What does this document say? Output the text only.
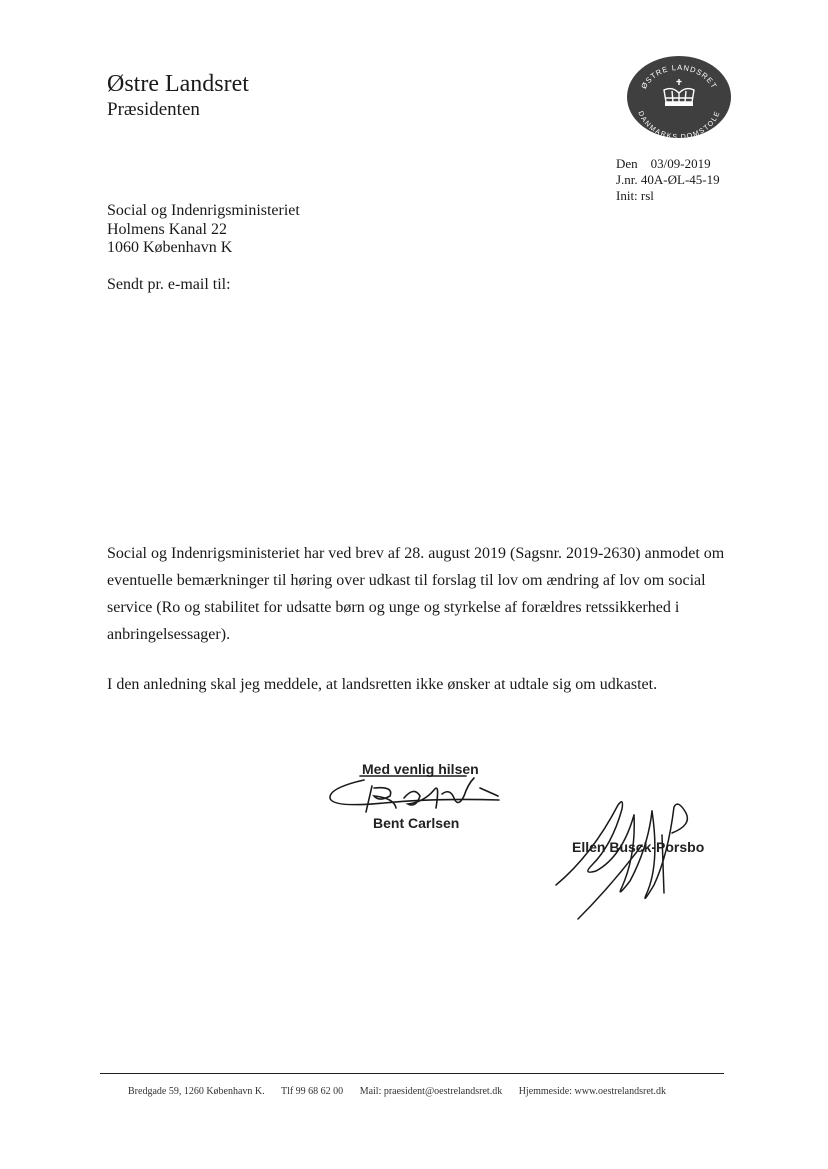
Østre Landsret
Præsidenten
ØSTRE LANDSRET
DANMARKS DOMSTOLE
Den 03/09-2019
J.nr. 40A-ØL-45-19
Init: rsl
Social og Indenrigsministeriet
Holmens Kanal 22
1060 København K
Sendt pr. e-mail til:

Social og Indenrigsministeriet har ved brev af 28. august 2019 (Sagsnr. 2019-2630) anmodet om eventuelle bemærkninger til høring over udkast til forslag til lov om ændring af lov om social service (Ro og stabilitet for udsatte børn og unge og styrkelse af forældres retssikkerhed i anbringelsessager).

I den anledning skal jeg meddele, at landsretten ikke ønsker at udtale sig om udkastet.

Med venlig hilsen
Bent Carlsen
Ellen Busck-Porsbo
Bredgade 59, 1260 København K. Tlf 99 68 62 00 Mail: praesident@oestrelandsret.dk Hjemmeside: www.oestrelandsret.dk
